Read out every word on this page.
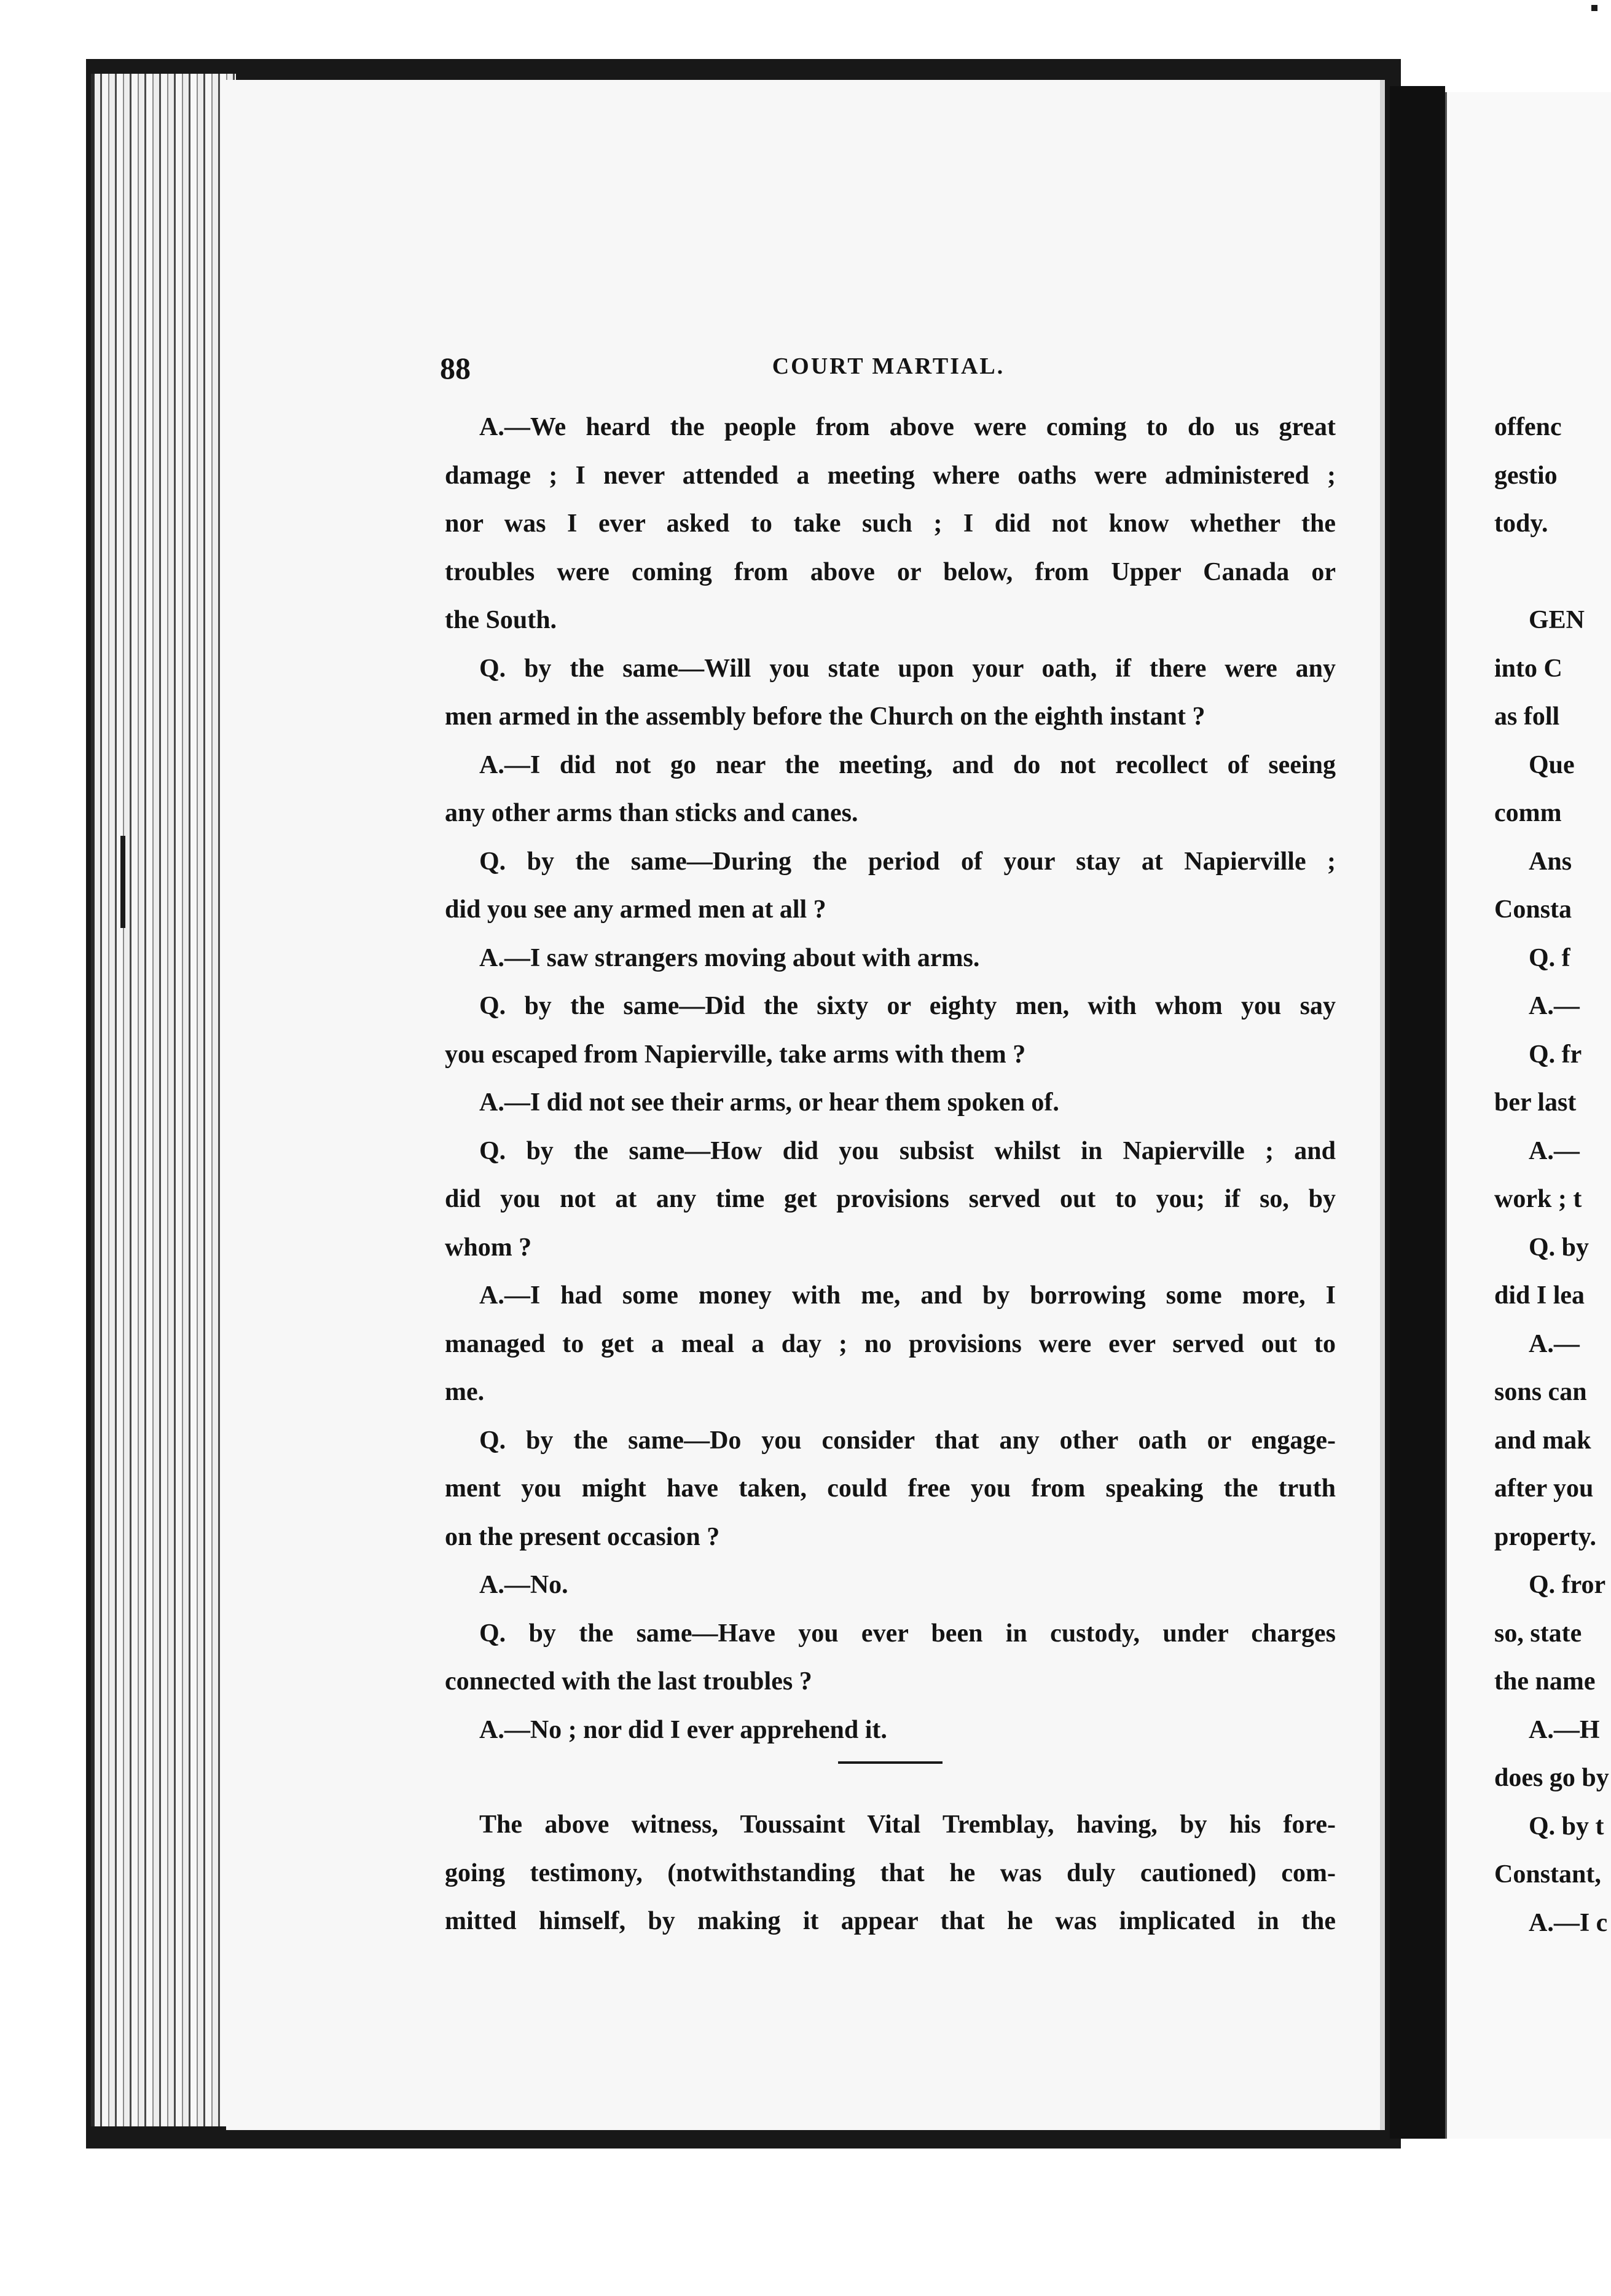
88	COURT MARTIAL.
A.—We heard the people from above were coming to do us great
damage ; I never attended a meeting where oaths were administered ;
nor was I ever asked to take such ; I did not know whether the
troubles were coming from above or below, from Upper Canada or
the South.
Q. by the same—Will you state upon your oath, if there were any
men armed in the assembly before the Church on the eighth instant ?
A.—I did not go near the meeting, and do not recollect of seeing
any other arms than sticks and canes.
Q. by the same—During the period of your stay at Napierville ;
did you see any armed men at all ?
A.—I saw strangers moving about with arms.
Q. by the same—Did the sixty or eighty men, with whom you say
you escaped from Napierville, take arms with them ?
A.—I did not see their arms, or hear them spoken of.
Q. by the same—How did you subsist whilst in Napierville ; and
did you not at any time get provisions served out to you; if so, by
whom ?
A.—I had some money with me, and by borrowing some more, I
managed to get a meal a day ; no provisions were ever served out to
me.
Q. by the same—Do you consider that any other oath or engage-
ment you might have taken, could free you from speaking the truth
on the present occasion ?
A.—No.
Q. by the same—Have you ever been in custody, under charges
connected with the last troubles ?
A.—No ; nor did I ever apprehend it.
The above witness, Toussaint Vital Tremblay, having, by his fore-
going testimony, (notwithstanding that he was duly cautioned) com-
mitted himself, by making it appear that he was implicated in the
offenc
gestio
tody.
GEN
into C
as foll
Que
comm
Ans
Consta
Q. f
A.—
Q. fr
ber last
A.—
work ; t
Q. by
did I lea
A.—
sons can
and mak
after you
property.
Q. fror
so, state
the name
A.—H
does go by
Q. by t
Constant,
A.—I c
